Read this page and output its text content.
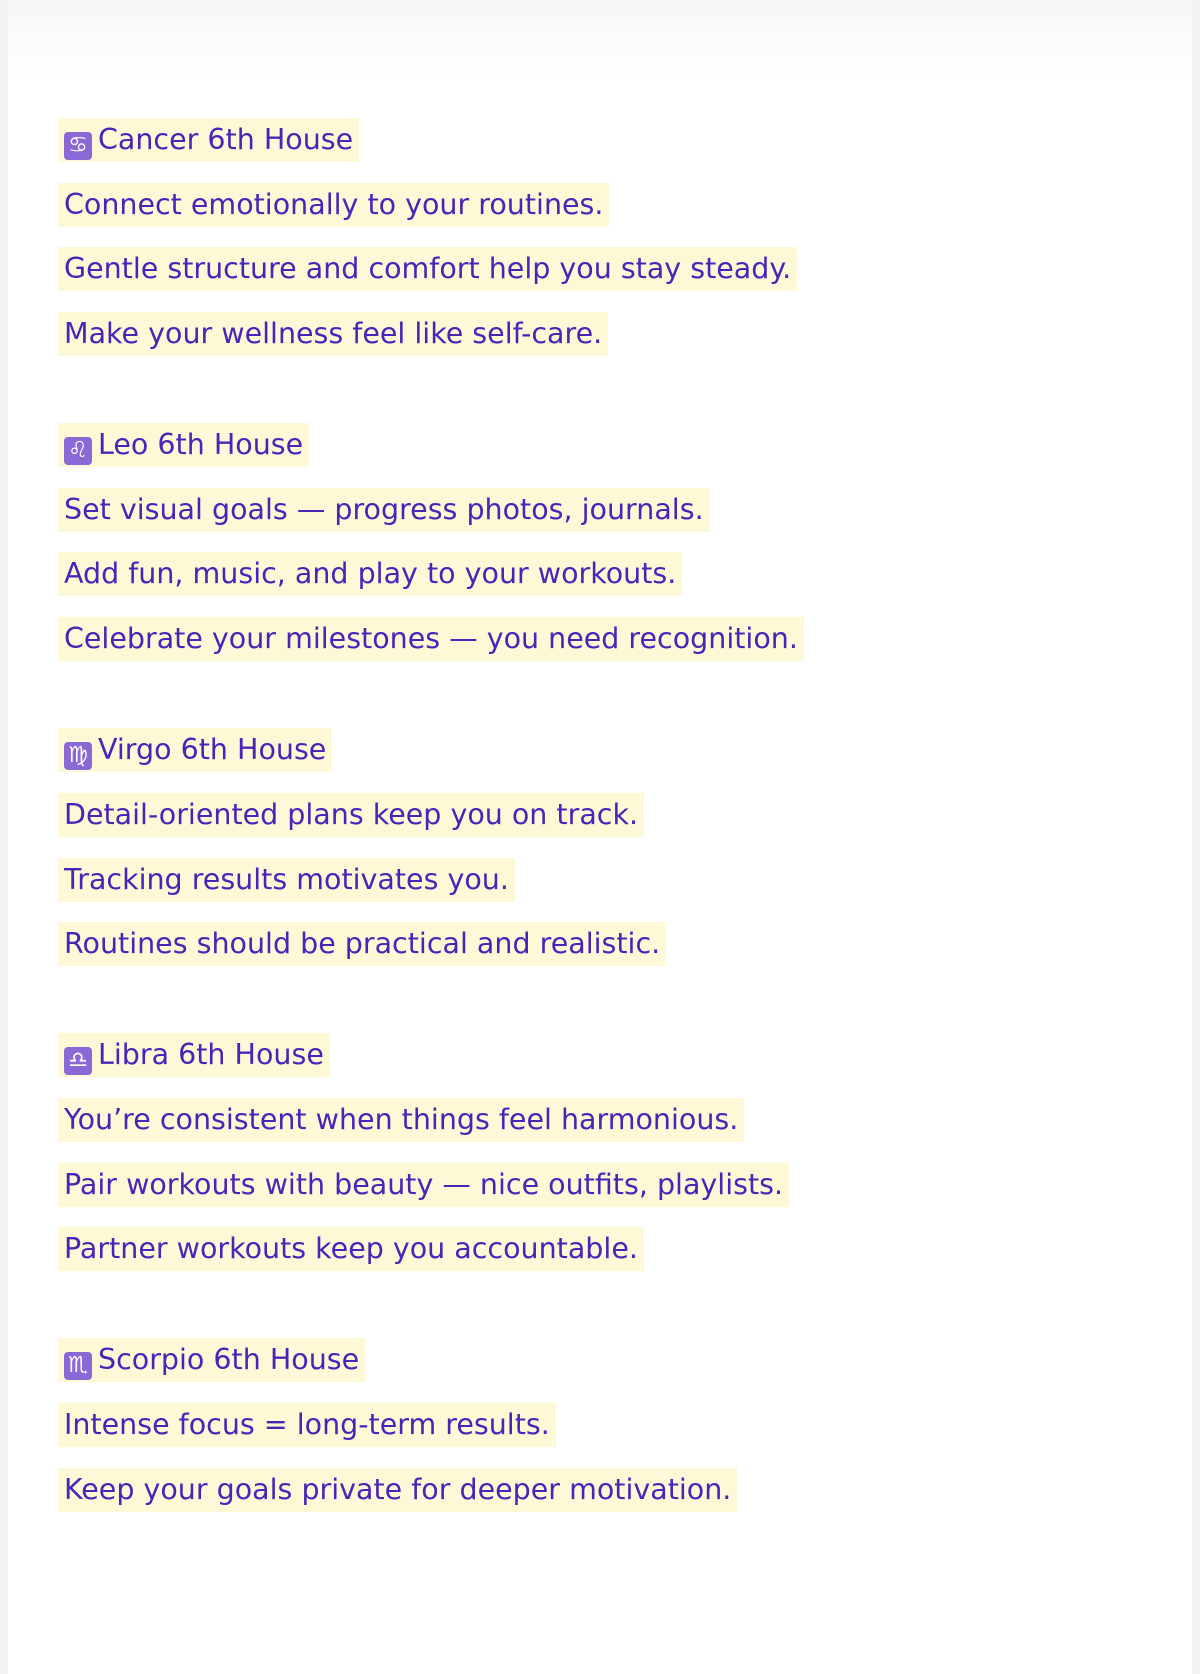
♋ Cancer 6th House
Connect emotionally to your routines.
Gentle structure and comfort help you stay steady.
Make your wellness feel like self-care.
♌ Leo 6th House
Set visual goals — progress photos, journals.
Add fun, music, and play to your workouts.
Celebrate your milestones — you need recognition.
♍ Virgo 6th House
Detail-oriented plans keep you on track.
Tracking results motivates you.
Routines should be practical and realistic.
♎ Libra 6th House
You’re consistent when things feel harmonious.
Pair workouts with beauty — nice outfits, playlists.
Partner workouts keep you accountable.
♏ Scorpio 6th House
Intense focus = long-term results.
Keep your goals private for deeper motivation.
